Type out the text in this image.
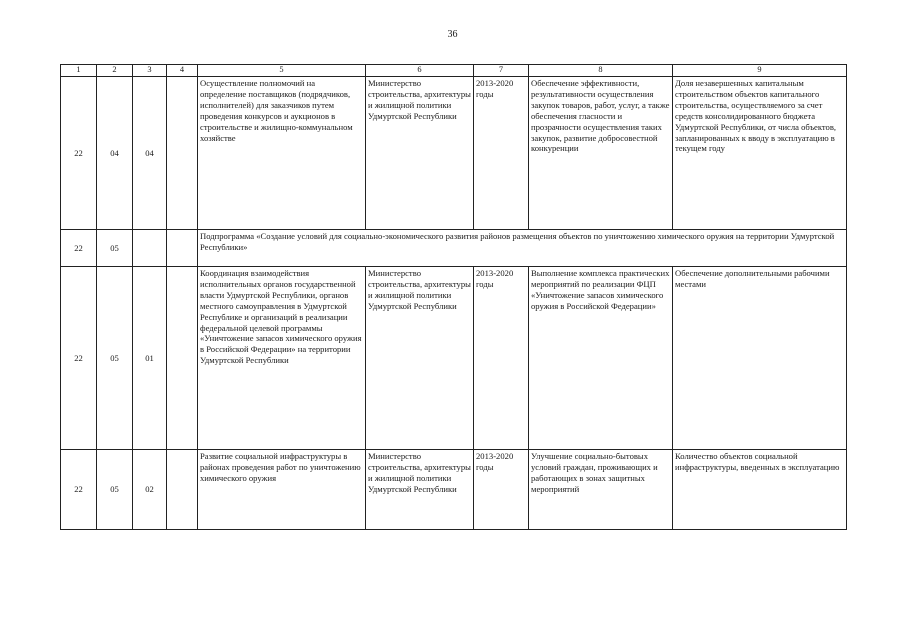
36
1	2	3	4	5	6	7	8	9
22	04	04		Осуществление полномочий на определение поставщиков (подрядчиков, исполнителей) для заказчиков путем проведения конкурсов и аукционов в строительстве и жилищно-коммунальном хозяйстве	Министерство строительства, архитектуры и жилищной политики Удмуртской Республики	2013-2020 годы	Обеспечение эффективности, результативности осуществления закупок товаров, работ, услуг, а также обеспечения гласности и прозрачности осуществления таких закупок, развитие добросовестной конкуренции	Доля незавершенных капитальным строительством объектов капитального строительства, осуществляемого за счет средств консолидированного бюджета Удмуртской Республики, от числа объектов, запланированных к вводу в эксплуатацию в текущем году
22	05			Подпрограмма «Создание условий для социально-экономического развития районов размещения объектов по уничтожению химического оружия на территории Удмуртской Республики»				
22	05	01		Координация взаимодействия исполнительных органов государственной власти Удмуртской Республики, органов местного самоуправления в Удмуртской Республике и организаций в реализации федеральной целевой программы «Уничтожение запасов химического оружия в Российской Федерации» на территории Удмуртской Республики	Министерство строительства, архитектуры и жилищной политики Удмуртской Республики	2013-2020 годы	Выполнение комплекса практических мероприятий по реализации ФЦП «Уничтожение запасов химического оружия в Российской Федерации»	Обеспечение дополнительными рабочими местами
22	05	02		Развитие социальной инфраструктуры в районах проведения работ по уничтожению химического оружия	Министерство строительства, архитектуры и жилищной политики Удмуртской Республики	2013-2020 годы	Улучшение социально-бытовых условий граждан, проживающих и работающих в зонах защитных мероприятий	Количество объектов социальной инфраструктуры, введенных в эксплуатацию
